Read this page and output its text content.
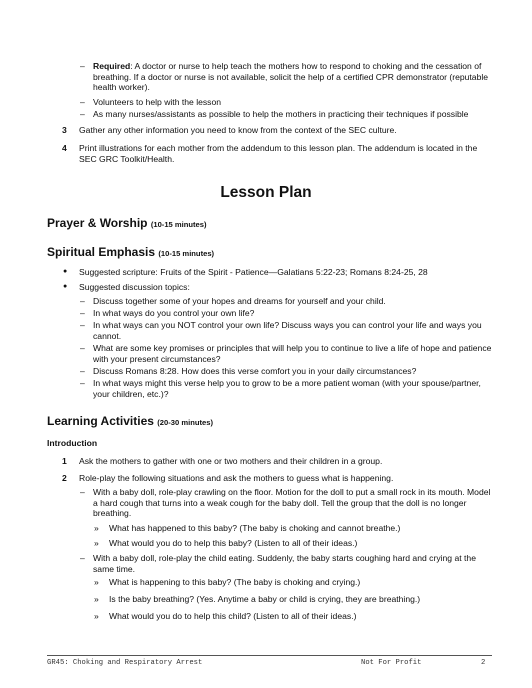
– Required: A doctor or nurse to help teach the mothers how to respond to choking and the cessation of breathing. If a doctor or nurse is not available, solicit the help of a certified CPR demonstrator (reputable health worker).
– Volunteers to help with the lesson
– As many nurses/assistants as possible to help the mothers in practicing their techniques if possible
3 Gather any other information you need to know from the context of the SEC culture.
4 Print illustrations for each mother from the addendum to this lesson plan. The addendum is located in the SEC GRC Toolkit/Health.
Lesson Plan
Prayer & Worship (10-15 minutes)
Spiritual Emphasis (10-15 minutes)
● Suggested scripture: Fruits of the Spirit - Patience—Galatians 5:22-23; Romans 8:24-25, 28
● Suggested discussion topics:
– Discuss together some of your hopes and dreams for yourself and your child.
– In what ways do you control your own life?
– In what ways can you NOT control your own life? Discuss ways you can control your life and ways you cannot.
– What are some key promises or principles that will help you to continue to live a life of hope and patience with your present circumstances?
– Discuss Romans 8:28. How does this verse comfort you in your daily circumstances?
– In what ways might this verse help you to grow to be a more patient woman (with your spouse/partner, your children, etc.)?
Learning Activities (20-30 minutes)
Introduction
1 Ask the mothers to gather with one or two mothers and their children in a group.
2 Role-play the following situations and ask the mothers to guess what is happening.
– With a baby doll, role-play crawling on the floor. Motion for the doll to put a small rock in its mouth. Model a hard cough that turns into a weak cough for the baby doll. Tell the group that the doll is no longer breathing.
» What has happened to this baby? (The baby is choking and cannot breathe.)
» What would you do to help this baby? (Listen to all of their ideas.)
– With a baby doll, role-play the child eating. Suddenly, the baby starts coughing hard and crying at the same time.
» What is happening to this baby? (The baby is choking and crying.)
» Is the baby breathing? (Yes. Anytime a baby or child is crying, they are breathing.)
» What would you do to help this child? (Listen to all of their ideas.)
GR45: Choking and Respiratory Arrest	Not For Profit	2
